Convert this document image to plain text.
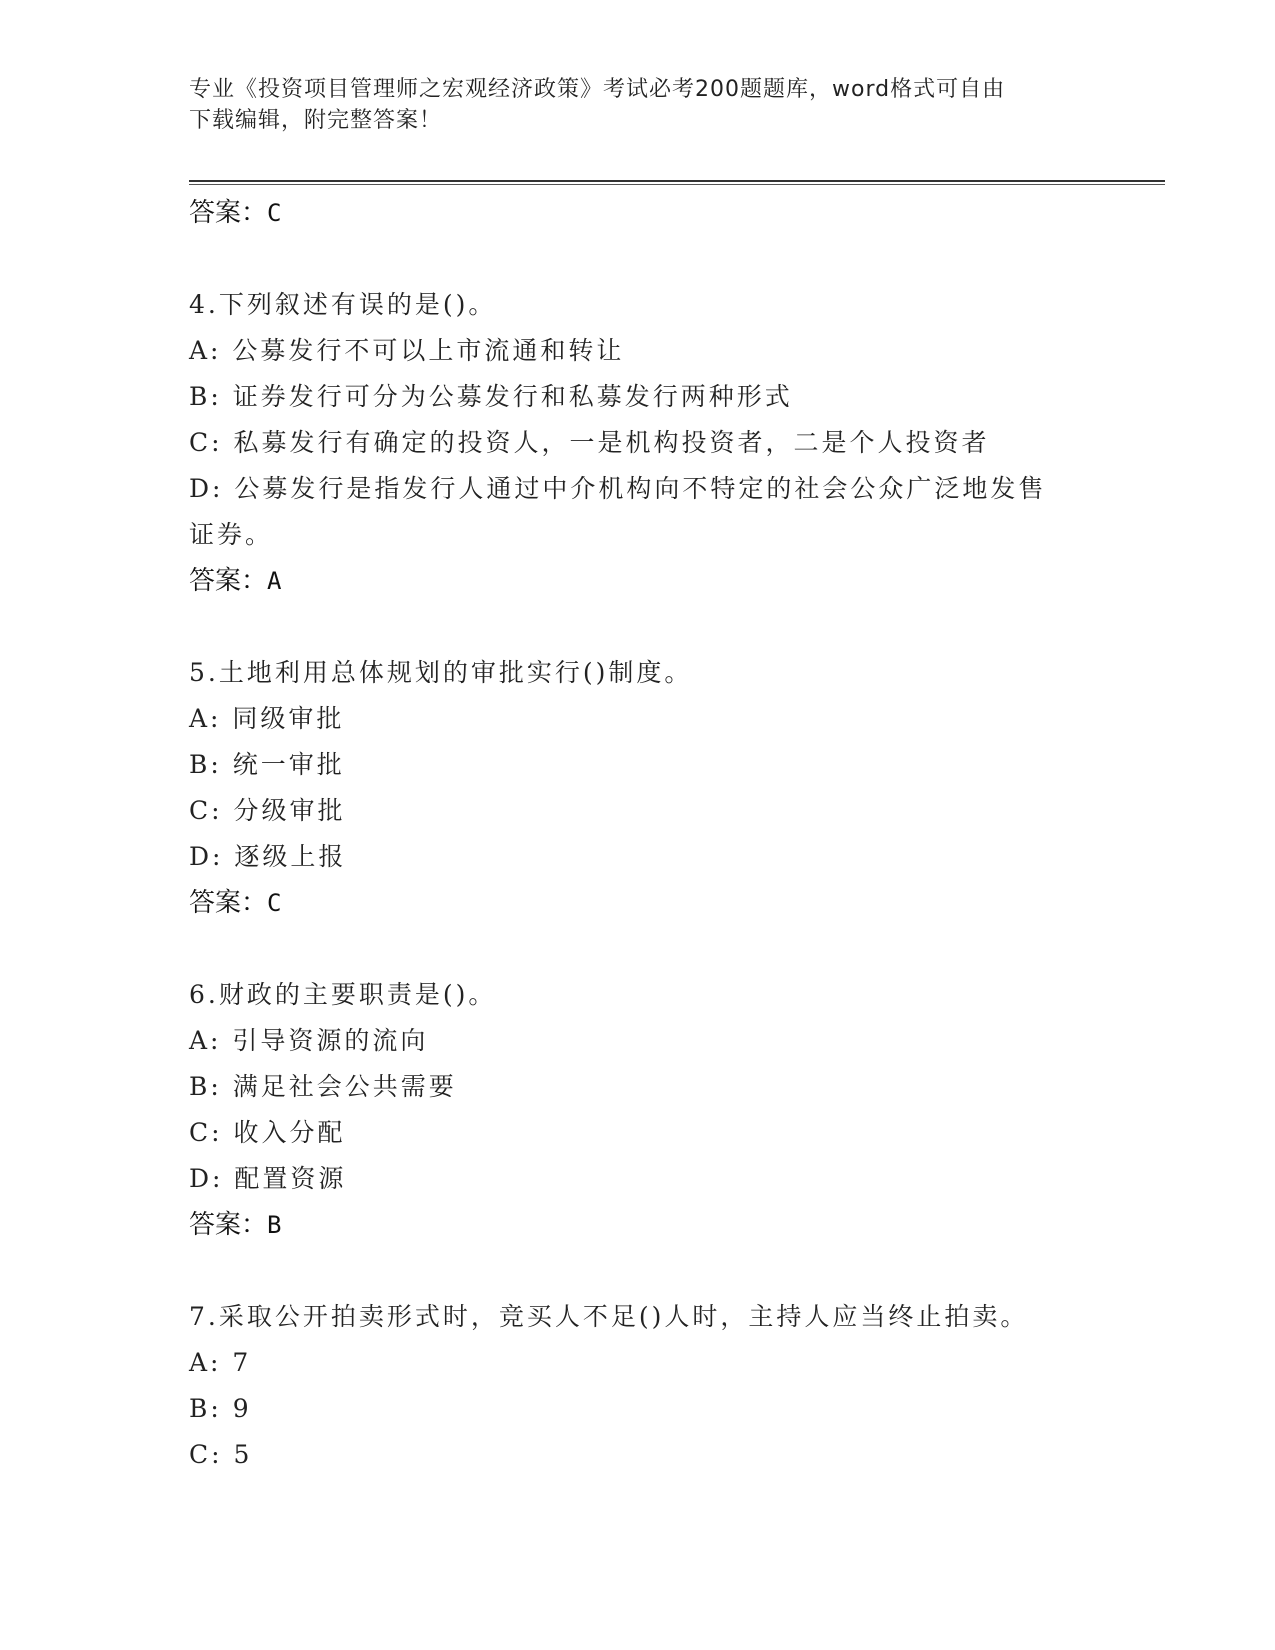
专业《投资项目管理师之宏观经济政策》考试必考200题题库，word格式可自由
下载编辑，附完整答案！
答案：C
4.下列叙述有误的是()。
A: 公募发行不可以上市流通和转让
B: 证券发行可分为公募发行和私募发行两种形式
C: 私募发行有确定的投资人，一是机构投资者，二是个人投资者
D: 公募发行是指发行人通过中介机构向不特定的社会公众广泛地发售
证券。
答案：A
5.土地利用总体规划的审批实行()制度。
A: 同级审批
B: 统一审批
C: 分级审批
D: 逐级上报
答案：C
6.财政的主要职责是()。
A: 引导资源的流向
B: 满足社会公共需要
C: 收入分配
D: 配置资源
答案：B
7.采取公开拍卖形式时，竞买人不足()人时，主持人应当终止拍卖。
A: 7
B: 9
C: 5
